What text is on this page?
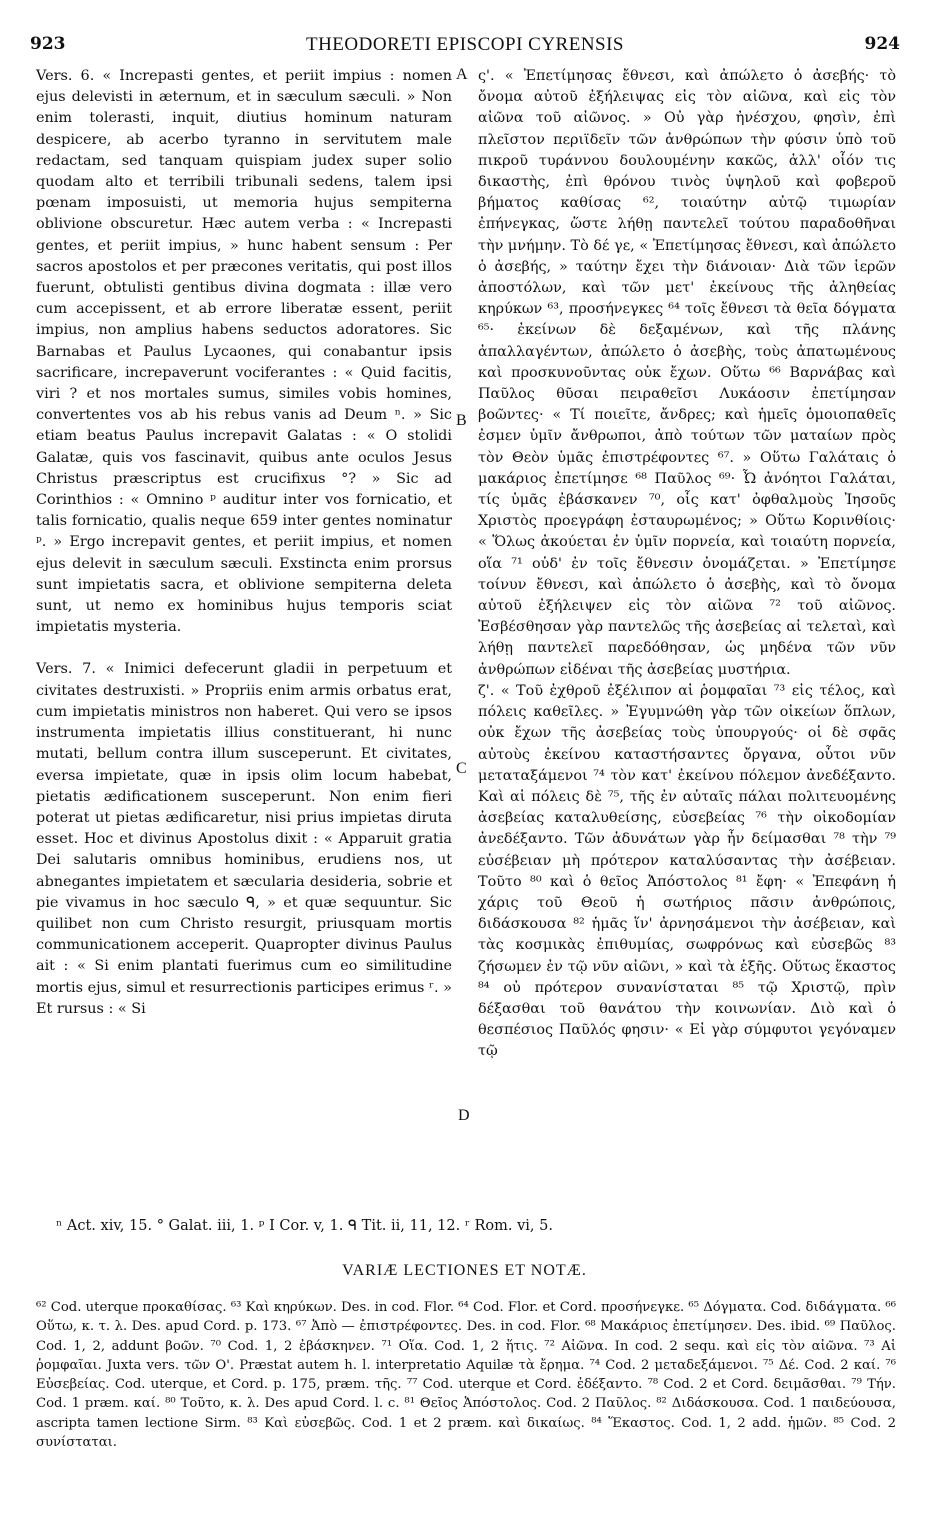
923	THEODORETI EPISCOPI CYRENSIS	924

Vers. 6. « Increpasti gentes, et periit impius : nomen ejus delevisti in æternum, et in sæculum sæculi. » Non enim tolerasti, inquit, diutius hominum naturam despicere, ab acerbo tyranno in servitutem male redactam, sed tanquam quispiam judex super solio quodam alto et terribili tribunali sedens, talem ipsi pœnam imposuisti, ut memoria hujus sempiterna oblivione obscuretur. Hæc autem verba : « Increpasti gentes, et periit impius, » hunc habent sensum : Per sacros apostolos et per præcones veritatis, qui post illos fuerunt, obtulisti gentibus divina dogmata : illæ vero cum accepissent, et ab errore liberatæ essent, periit impius, non amplius habens seductos adoratores. Sic Barnabas et Paulus Lycaones, qui conabantur ipsis sacrificare, increpaverunt vociferantes : « Quid facitis, viri ? et nos mortales sumus, similes vobis homines, convertentes vos ab his rebus vanis ad Deum ⁿ. » Sic etiam beatus Paulus increpavit Galatas : « O stolidi Galatæ, quis vos fascinavit, quibus ante oculos Jesus Christus præscriptus est crucifixus °? » Sic ad Corinthios : « Omnino ᵖ auditur inter vos fornicatio, et talis fornicatio, qualis neque 659 inter gentes nominatur ᵖ. » Ergo increpavit gentes, et periit impius, et nomen ejus delevit in sæculum sæculi. Exstincta enim prorsus sunt impietatis sacra, et oblivione sempiterna deleta sunt, ut nemo ex hominibus hujus temporis sciat impietatis mysteria.

Vers. 7. « Inimici defecerunt gladii in perpetuum et civitates destruxisti. » Propriis enim armis orbatus erat, cum impietatis ministros non haberet. Qui vero se ipsos instrumenta impietatis illius constituerant, hi nunc mutati, bellum contra illum susceperunt. Et civitates, eversa impietate, quæ in ipsis olim locum habebat, pietatis ædificationem susceperunt. Non enim fieri poterat ut pietas ædificaretur, nisi prius impietas diruta esset. Hoc et divinus Apostolus dixit : « Apparuit gratia Dei salutaris omnibus hominibus, erudiens nos, ut abnegantes impietatem et sæcularia desideria, sobrie et pie vivamus in hoc sæculo ᑫ, » et quæ sequuntur. Sic quilibet non cum Christo resurgit, priusquam mortis communicationem acceperit. Quapropter divinus Paulus ait : « Si enim plantati fuerimus cum eo similitudine mortis ejus, simul et resurrectionis participes erimus ʳ. » Et rursus : « Si

A
B
C
D

ς'. « Ἐπετίμησας ἔθνεσι, καὶ ἀπώλετο ὁ ἀσεβής· τὸ ὄνομα αὐτοῦ ἐξήλειψας εἰς τὸν αἰῶνα, καὶ εἰς τὸν αἰῶνα τοῦ αἰῶνος. » Οὐ γὰρ ἠνέσχου, φησὶν, ἐπὶ πλεῖστον περιϊδεῖν τῶν ἀνθρώπων τὴν φύσιν ὑπὸ τοῦ πικροῦ τυράννου δουλουμένην κακῶς, ἀλλ' οἷόν τις δικαστὴς, ἐπὶ θρόνου τινὸς ὑψηλοῦ καὶ φοβεροῦ βήματος καθίσας ⁶², τοιαύτην αὐτῷ τιμωρίαν ἐπήνεγκας, ὥστε λήθῃ παντελεῖ τούτου παραδοθῆναι τὴν μνήμην. Τὸ δέ γε, « Ἐπετίμησας ἔθνεσι, καὶ ἀπώλετο ὁ ἀσεβής, » ταύτην ἔχει τὴν διάνοιαν· Διὰ τῶν ἱερῶν ἀποστόλων, καὶ τῶν μετ' ἐκείνους τῆς ἀληθείας κηρύκων ⁶³, προσήνεγκες ⁶⁴ τοῖς ἔθνεσι τὰ θεῖα δόγματα ⁶⁵· ἐκείνων δὲ δεξαμένων, καὶ τῆς πλάνης ἀπαλλαγέντων, ἀπώλετο ὁ ἀσεβὴς, τοὺς ἀπατωμένους καὶ προσκυνοῦντας οὐκ ἔχων. Οὕτω ⁶⁶ Βαρνάβας καὶ Παῦλος θῦσαι πειραθεῖσι Λυκάοσιν ἐπετίμησαν βοῶντες· « Τί ποιεῖτε, ἄνδρες; καὶ ἡμεῖς ὁμοιοπαθεῖς ἐσμεν ὑμῖν ἄνθρωποι, ἀπὸ τούτων τῶν ματαίων πρὸς τὸν Θεὸν ὑμᾶς ἐπιστρέφοντες ⁶⁷. » Οὕτω Γαλάταις ὁ μακάριος ἐπετίμησε ⁶⁸ Παῦλος ⁶⁹· Ὦ ἀνόητοι Γαλάται, τίς ὑμᾶς ἐβάσκανεν ⁷⁰, οἷς κατ' ὀφθαλμοὺς Ἰησοῦς Χριστὸς προεγράφη ἐσταυρωμένος; » Οὕτω Κορινθίοις· « Ὅλως ἀκούεται ἐν ὑμῖν πορνεία, καὶ τοιαύτη πορνεία, οἵα ⁷¹ οὐδ' ἐν τοῖς ἔθνεσιν ὀνομάζεται. » Ἐπετίμησε τοίνυν ἔθνεσι, καὶ ἀπώλετο ὁ ἀσεβὴς, καὶ τὸ ὄνομα αὐτοῦ ἐξήλειψεν εἰς τὸν αἰῶνα ⁷² τοῦ αἰῶνος. Ἐσβέσθησαν γὰρ παντελῶς τῆς ἀσεβείας αἱ τελεταὶ, καὶ λήθῃ παντελεῖ παρεδόθησαν, ὡς μηδένα τῶν νῦν ἀνθρώπων εἰδέναι τῆς ἀσεβείας μυστήρια.

ζ'. « Τοῦ ἐχθροῦ ἐξέλιπον αἱ ῥομφαῖαι ⁷³ εἰς τέλος, καὶ πόλεις καθεῖλες. » Ἐγυμνώθη γὰρ τῶν οἰκείων ὅπλων, οὐκ ἔχων τῆς ἀσεβείας τοὺς ὑπουργούς· οἱ δὲ σφᾶς αὐτοὺς ἐκείνου καταστήσαντες ὄργανα, οὗτοι νῦν μεταταξάμενοι ⁷⁴ τὸν κατ' ἐκείνου πόλεμον ἀνεδέξαντο. Καὶ αἱ πόλεις δὲ ⁷⁵, τῆς ἐν αὐταῖς πάλαι πολιτευομένης ἀσεβείας καταλυθείσης, εὐσεβείας ⁷⁶ τὴν οἰκοδομίαν ἀνεδέξαντο. Τῶν ἀδυνάτων γὰρ ἦν δείμασθαι ⁷⁸ τὴν ⁷⁹ εὐσέβειαν μὴ πρότερον καταλύσαντας τὴν ἀσέβειαν. Τοῦτο ⁸⁰ καὶ ὁ θεῖος Ἀπόστολος ⁸¹ ἔφη· « Ἐπεφάνη ἡ χάρις τοῦ Θεοῦ ἡ σωτήριος πᾶσιν ἀνθρώποις, διδάσκουσα ⁸² ἡμᾶς ἵν' ἀρνησάμενοι τὴν ἀσέβειαν, καὶ τὰς κοσμικὰς ἐπιθυμίας, σωφρόνως καὶ εὐσεβῶς ⁸³ ζήσωμεν ἐν τῷ νῦν αἰῶνι, » καὶ τὰ ἑξῆς. Οὕτως ἕκαστος ⁸⁴ οὐ πρότερον συνανίσταται ⁸⁵ τῷ Χριστῷ, πρὶν δέξασθαι τοῦ θανάτου τὴν κοινωνίαν. Διὸ καὶ ὁ θεσπέσιος Παῦλός φησιν· « Εἰ γὰρ σύμφυτοι γεγόναμεν τῷ

ⁿ Act. xiv, 15. ° Galat. iii, 1. ᵖ I Cor. v, 1. ᑫ Tit. ii, 11, 12. ʳ Rom. vi, 5.
VARIÆ LECTIONES ET NOTÆ.

⁶² Cod. uterque προκαθίσας. ⁶³ Καὶ κηρύκων. Des. in cod. Flor. ⁶⁴ Cod. Flor. et Cord. προσήνεγκε. ⁶⁵ Δόγματα. Cod. διδάγματα. ⁶⁶ Οὕτω, κ. τ. λ. Des. apud Cord. p. 173. ⁶⁷ Ἀπὸ — ἐπιστρέφοντες. Des. in cod. Flor. ⁶⁸ Μακάριος ἐπετίμησεν. Des. ibid. ⁶⁹ Παῦλος. Cod. 1, 2, addunt βοῶν. ⁷⁰ Cod. 1, 2 ἐβάσκηνεν. ⁷¹ Οἵα. Cod. 1, 2 ἥτις. ⁷² Αἰῶνα. In cod. 2 sequ. καὶ εἰς τὸν αἰῶνα. ⁷³ Αἱ ῥομφαῖαι. Juxta vers. τῶν Ο'. Præstat autem h. l. interpretatio Aquilæ τὰ ἔρημα. ⁷⁴ Cod. 2 μεταδεξάμενοι. ⁷⁵ Δέ. Cod. 2 καί. ⁷⁶ Εὐσεβείας. Cod. uterque, et Cord. p. 175, præm. τῆς. ⁷⁷ Cod. uterque et Cord. ἐδέξαντο. ⁷⁸ Cod. 2 et Cord. δειμᾶσθαι. ⁷⁹ Τήν. Cod. 1 præm. καί. ⁸⁰ Τοῦτο, κ. λ. Des apud Cord. l. c. ⁸¹ Θεῖος Ἀπόστολος. Cod. 2 Παῦλος. ⁸² Διδάσκουσα. Cod. 1 παιδεύουσα, ascripta tamen lectione Sirm. ⁸³ Καὶ εὐσεβῶς. Cod. 1 et 2 præm. καὶ δικαίως. ⁸⁴ Ἕκαστος. Cod. 1, 2 add. ἡμῶν. ⁸⁵ Cod. 2 συνίσταται.
